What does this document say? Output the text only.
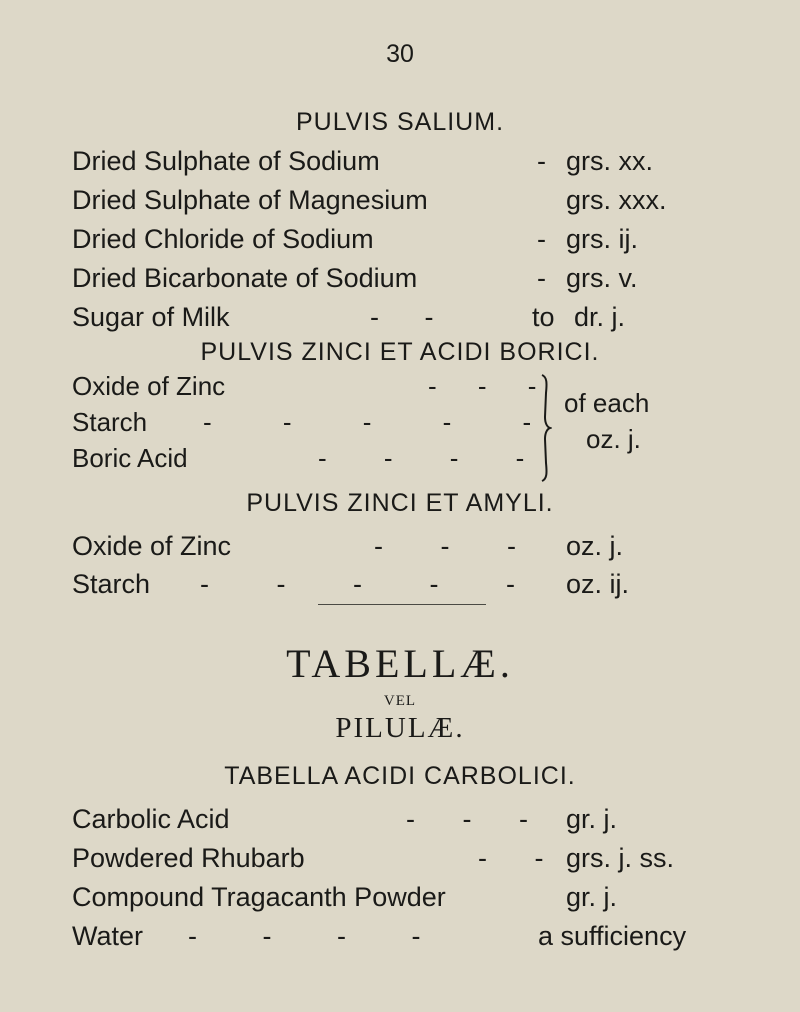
30
PULVIS SALIUM.
Dried Sulphate of Sodium	- grs. xx.
Dried Sulphate of Magnesium	grs. xxx.
Dried Chloride of Sodium	- grs. ij.
Dried Bicarbonate of Sodium	- grs. v.
Sugar of Milk	- -	to dr. j.
PULVIS ZINCI ET ACIDI BORICI.
Oxide of Zinc	- - -
Starch - - - - -
Boric Acid	- - - -
of each
oz. j.
PULVIS ZINCI ET AMYLI.
Oxide of Zinc	- - - oz. j.
Starch - - - - - oz. ij.
TABELLÆ.
VEL
PILULÆ.
TABELLA ACIDI CARBOLICI.
Carbolic Acid	- - - gr. j.
Powdered Rhubarb	- - grs. j. ss.
Compound Tragacanth Powder	gr. j.
Water - - - -	a sufficiency
